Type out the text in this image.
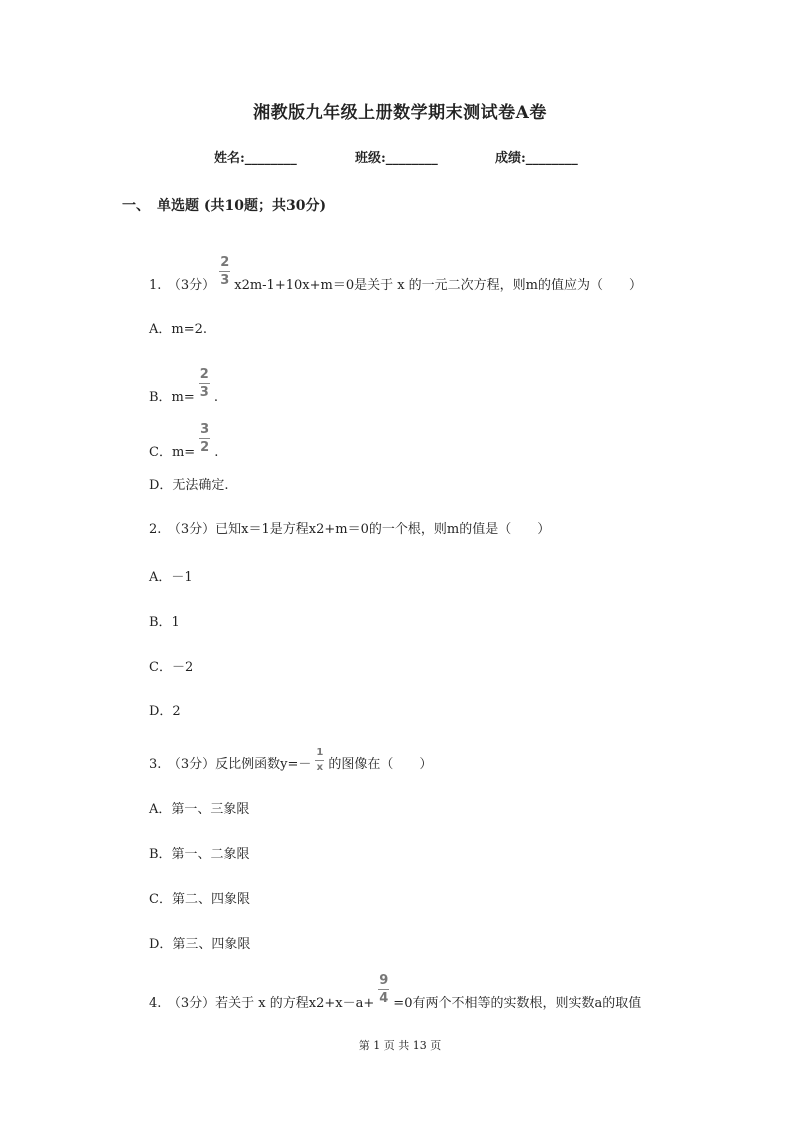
湘教版九年级上册数学期末测试卷A卷
姓名:________	班级:________	成绩:________
一、　单选题 (共10题；共30分)
1.　（3分） $\frac{2}{3} x2m-1+10x+m=0$是关于 x 的一元二次方程，则m的值应为（　　）
A．m=2.
B．$m= \frac{2}{3}$ .
C．$m= \frac{3}{2}$ .
D．无法确定.
2.　（3分）已知x＝1是方程x2+m＝0的一个根，则m的值是（　　）
A．－1
B．1
C．－2
D．2
3.　（3分）反比例函数$y=- \frac{1}{x}$ 的图像在（　　）
A．第一、三象限
B．第一、二象限
C．第二、四象限
D．第三、四象限
4.　（3分）若关于 x 的方程$x2+x-a+ \frac{9}{4} =0$有两个不相等的实数根，则实数a的取值
第 1 页 共 13 页
